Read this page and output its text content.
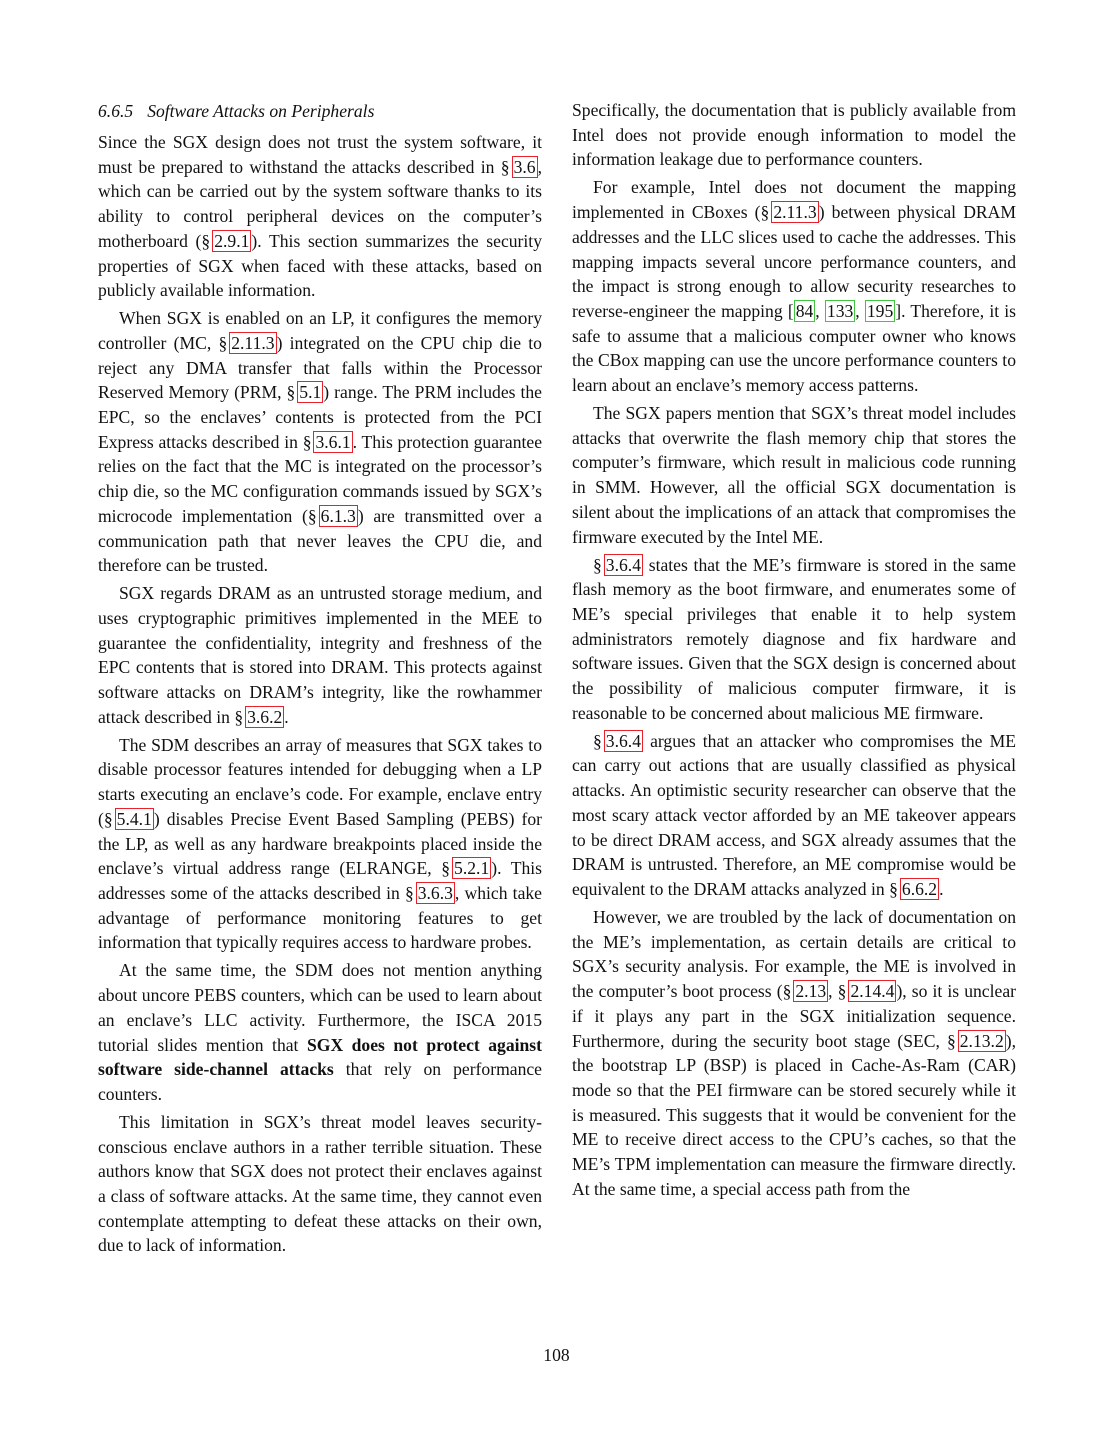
6.6.5 Software Attacks on Peripherals

Since the SGX design does not trust the system software, it must be prepared to withstand the attacks described in § 3.6 , which can be carried out by the system software thanks to its ability to control peripheral devices on the computer’s motherboard (§ 2.9.1 ). This section summarizes the security properties of SGX when faced with these attacks, based on publicly available information.

When SGX is enabled on an LP, it configures the memory controller (MC, § 2.11.3 ) integrated on the CPU chip die to reject any DMA transfer that falls within the Processor Reserved Memory (PRM, § 5.1 ) range. The PRM includes the EPC, so the enclaves’ contents is protected from the PCI Express attacks described in § 3.6.1 . This protection guarantee relies on the fact that the MC is integrated on the processor’s chip die, so the MC configuration commands issued by SGX’s microcode implementation (§ 6.1.3 ) are transmitted over a communication path that never leaves the CPU die, and therefore can be trusted.

SGX regards DRAM as an untrusted storage medium, and uses cryptographic primitives implemented in the MEE to guarantee the confidentiality, integrity and freshness of the EPC contents that is stored into DRAM. This protects against software attacks on DRAM’s integrity, like the rowhammer attack described in § 3.6.2 .

The SDM describes an array of measures that SGX takes to disable processor features intended for debugging when a LP starts executing an enclave’s code. For example, enclave entry (§ 5.4.1 ) disables Precise Event Based Sampling (PEBS) for the LP, as well as any hardware breakpoints placed inside the enclave’s virtual address range (ELRANGE, § 5.2.1 ). This addresses some of the attacks described in § 3.6.3 , which take advantage of performance monitoring features to get information that typically requires access to hardware probes.

At the same time, the SDM does not mention anything about uncore PEBS counters, which can be used to learn about an enclave’s LLC activity. Furthermore, the ISCA 2015 tutorial slides mention that SGX does not protect against software side-channel attacks that rely on performance counters.

This limitation in SGX’s threat model leaves security-conscious enclave authors in a rather terrible situation. These authors know that SGX does not protect their enclaves against a class of software attacks. At the same time, they cannot even contemplate attempting to defeat these attacks on their own, due to lack of information.

Specifically, the documentation that is publicly available from Intel does not provide enough information to model the information leakage due to performance counters.

For example, Intel does not document the mapping implemented in CBoxes (§ 2.11.3 ) between physical DRAM addresses and the LLC slices used to cache the addresses. This mapping impacts several uncore performance counters, and the impact is strong enough to allow security researches to reverse-engineer the mapping [ 84 , 133 , 195 ]. Therefore, it is safe to assume that a malicious computer owner who knows the CBox mapping can use the uncore performance counters to learn about an enclave’s memory access patterns.

The SGX papers mention that SGX’s threat model includes attacks that overwrite the flash memory chip that stores the computer’s firmware, which result in malicious code running in SMM. However, all the official SGX documentation is silent about the implications of an attack that compromises the firmware executed by the Intel ME.

§ 3.6.4 states that the ME’s firmware is stored in the same flash memory as the boot firmware, and enumerates some of ME’s special privileges that enable it to help system administrators remotely diagnose and fix hardware and software issues. Given that the SGX design is concerned about the possibility of malicious computer firmware, it is reasonable to be concerned about malicious ME firmware.

§ 3.6.4 argues that an attacker who compromises the ME can carry out actions that are usually classified as physical attacks. An optimistic security researcher can observe that the most scary attack vector afforded by an ME takeover appears to be direct DRAM access, and SGX already assumes that the DRAM is untrusted. Therefore, an ME compromise would be equivalent to the DRAM attacks analyzed in § 6.6.2 .

However, we are troubled by the lack of documentation on the ME’s implementation, as certain details are critical to SGX’s security analysis. For example, the ME is involved in the computer’s boot process (§ 2.13 , § 2.14.4 ), so it is unclear if it plays any part in the SGX initialization sequence. Furthermore, during the security boot stage (SEC, § 2.13.2 ), the bootstrap LP (BSP) is placed in Cache-As-Ram (CAR) mode so that the PEI firmware can be stored securely while it is measured. This suggests that it would be convenient for the ME to receive direct access to the CPU’s caches, so that the ME’s TPM implementation can measure the firmware directly. At the same time, a special access path from the

108
